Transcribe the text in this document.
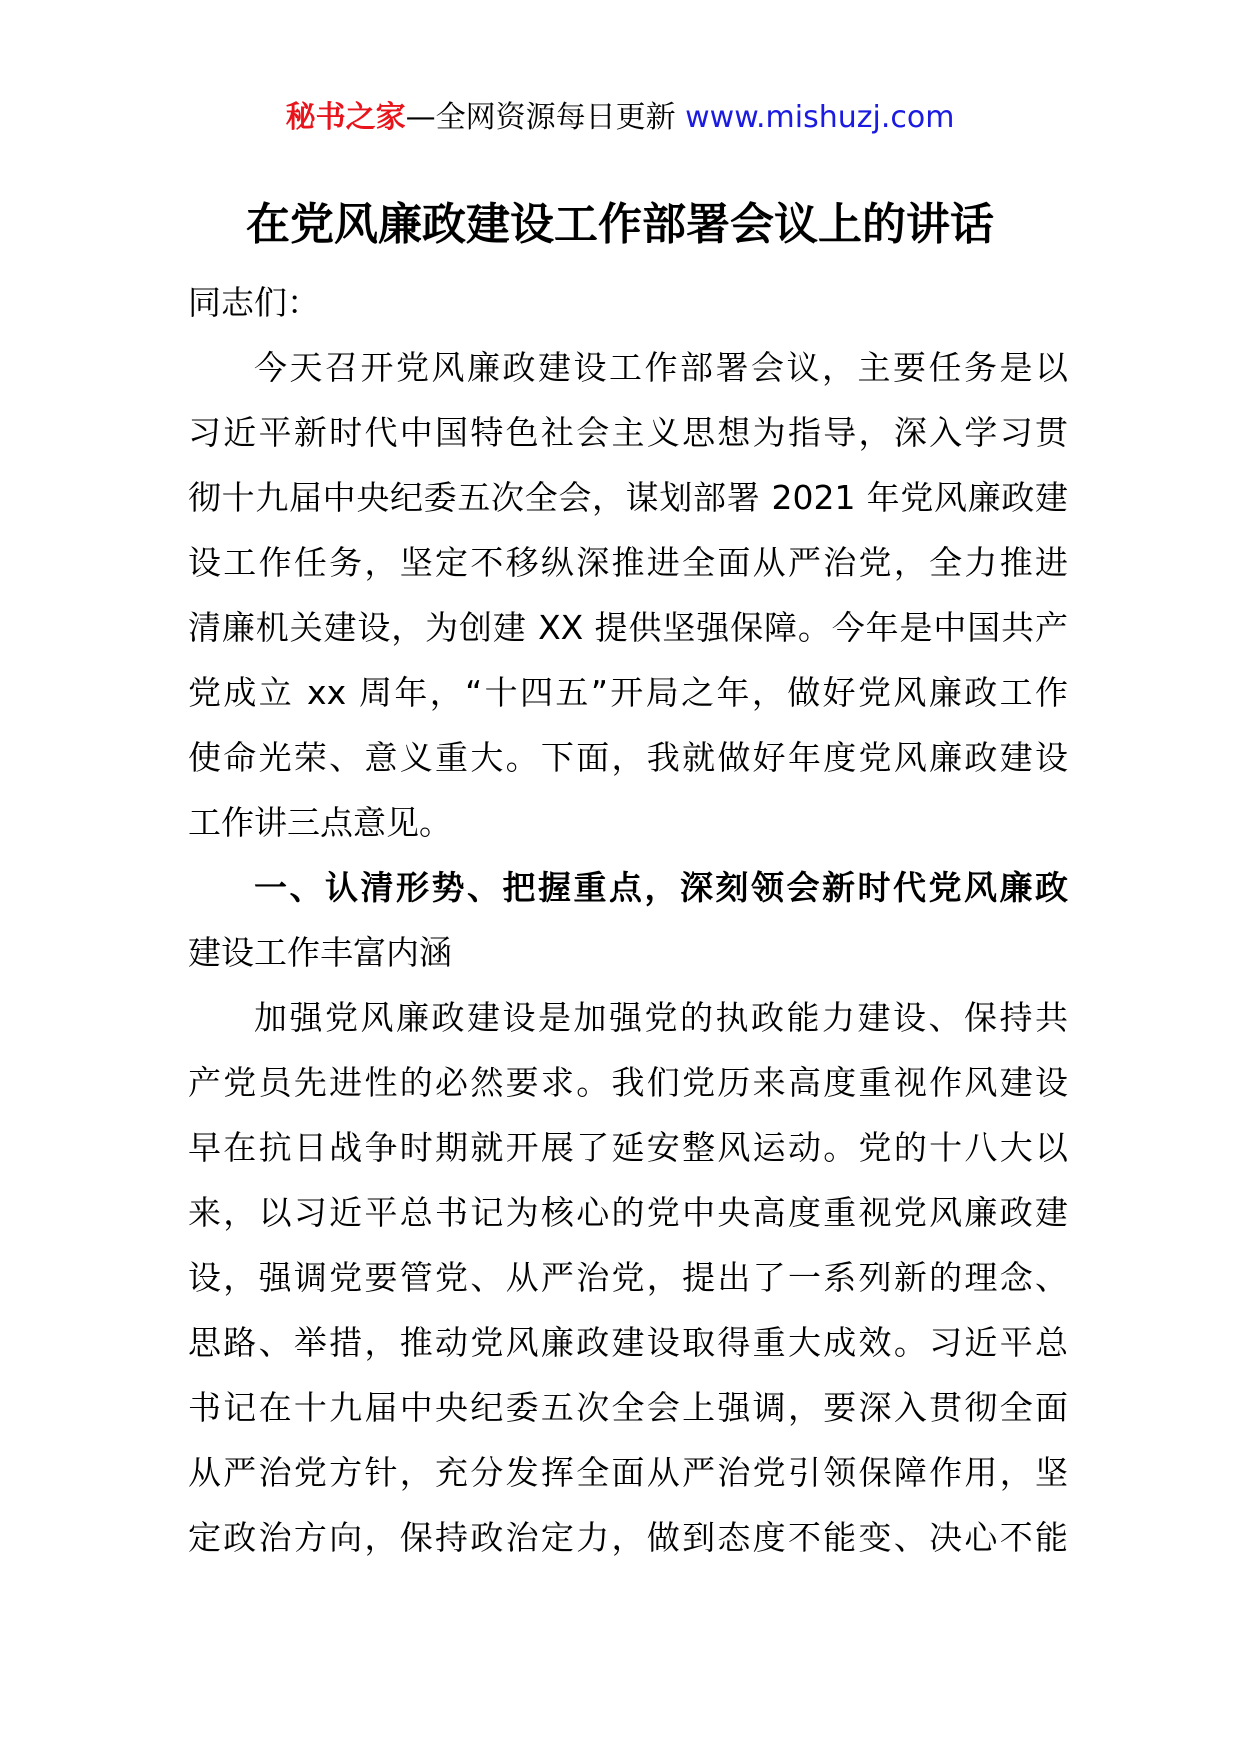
秘书之家—全网资源每日更新 www.mishuzj.com
在党风廉政建设工作部署会议上的讲话
同志们：
今天召开党风廉政建设工作部署会议，主要任务是以
习近平新时代中国特色社会主义思想为指导，深入学习贯
彻十九届中央纪委五次全会，谋划部署 2021 年党风廉政建
设工作任务，坚定不移纵深推进全面从严治党，全力推进
清廉机关建设，为创建 XX 提供坚强保障。今年是中国共产
党成立 xx 周年，“十四五”开局之年，做好党风廉政工作
使命光荣、意义重大。下面，我就做好年度党风廉政建设
工作讲三点意见。
一、认清形势、把握重点，深刻领会新时代党风廉政
建设工作丰富内涵
加强党风廉政建设是加强党的执政能力建设、保持共
产党员先进性的必然要求。我们党历来高度重视作风建设
早在抗日战争时期就开展了延安整风运动。党的十八大以
来，以习近平总书记为核心的党中央高度重视党风廉政建
设，强调党要管党、从严治党，提出了一系列新的理念、
思路、举措，推动党风廉政建设取得重大成效。习近平总
书记在十九届中央纪委五次全会上强调，要深入贯彻全面
从严治党方针，充分发挥全面从严治党引领保障作用，坚
定政治方向，保持政治定力，做到态度不能变、决心不能
